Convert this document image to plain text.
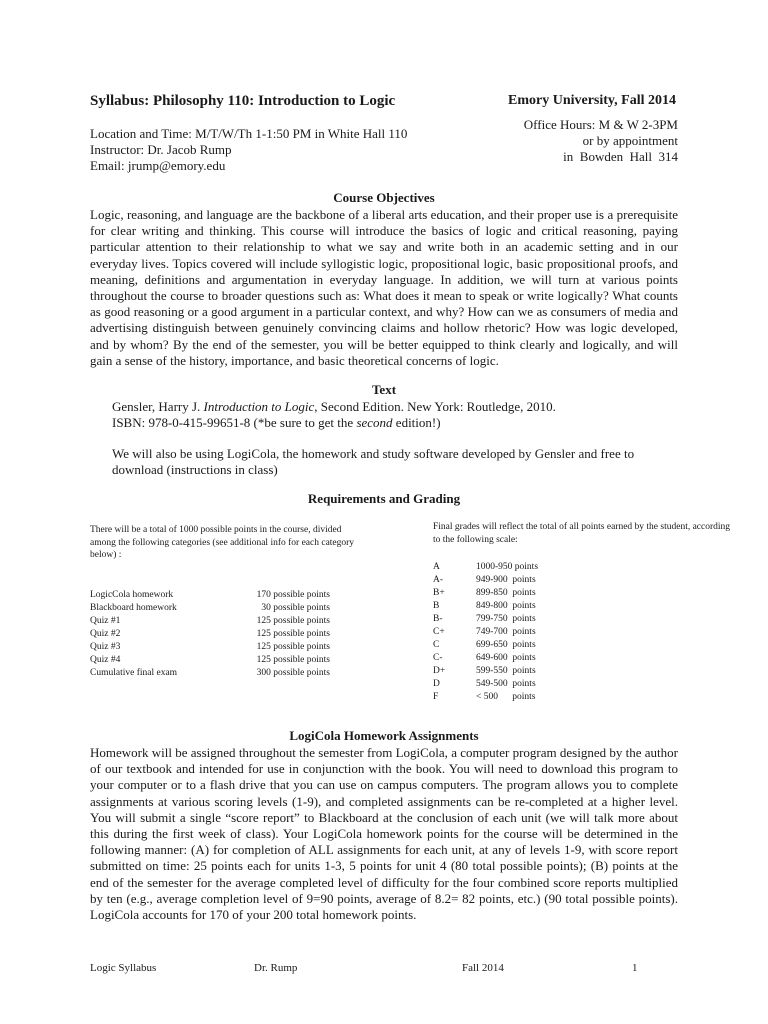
Syllabus: Philosophy 110: Introduction to Logic	Emory University, Fall 2014
Office Hours: M & W 2-3PM
or by appointment
in  Bowden  Hall  314
Location and Time: M/T/W/Th 1-1:50 PM in White Hall 110
Instructor: Dr. Jacob Rump
Email: jrump@emory.edu
Course Objectives
Logic, reasoning, and language are the backbone of a liberal arts education, and their proper use is a prerequisite for clear writing and thinking. This course will introduce the basics of logic and critical reasoning, paying particular attention to their relationship to what we say and write both in an academic setting and in our everyday lives. Topics covered will include syllogistic logic, propositional logic, basic propositional proofs, and meaning, definitions and argumentation in everyday language. In addition, we will turn at various points throughout the course to broader questions such as: What does it mean to speak or write logically? What counts as good reasoning or a good argument in a particular context, and why? How can we as consumers of media and advertising distinguish between genuinely convincing claims and hollow rhetoric? How was logic developed, and by whom? By the end of the semester, you will be better equipped to think clearly and logically, and will gain a sense of the history, importance, and basic theoretical concerns of logic.
Text
Gensler, Harry J. Introduction to Logic, Second Edition. New York: Routledge, 2010.
ISBN: 978-0-415-99651-8 (*be sure to get the second edition!)
We will also be using LogiCola, the homework and study software developed by Gensler and free to download (instructions in class)
Requirements and Grading
There will be a total of 1000 possible points in the course, divided among the following categories (see additional info for each category below) :
LogicCola homework	170 possible points
Blackboard homework	30 possible points
Quiz #1	125 possible points
Quiz #2	125 possible points
Quiz #3	125 possible points
Quiz #4	125 possible points
Cumulative final exam	300 possible points
Final grades will reflect the total of all points earned by the student, according to the following scale:
A	1000-950 points
A-	949-900  points
B+	899-850  points
B	849-800  points
B-	799-750  points
C+	749-700  points
C	699-650  points
C-	649-600  points
D+	599-550  points
D	549-500  points
F	< 500      points
LogiCola Homework Assignments
Homework will be assigned throughout the semester from LogiCola, a computer program designed by the author of our textbook and intended for use in conjunction with the book. You will need to download this program to your computer or to a flash drive that you can use on campus computers. The program allows you to complete assignments at various scoring levels (1-9), and completed assignments can be re-completed at a higher level. You will submit a single “score report” to Blackboard at the conclusion of each unit (we will talk more about this during the first week of class). Your LogiCola homework points for the course will be determined in the following manner: (A) for completion of ALL assignments for each unit, at any of levels 1-9, with score report submitted on time: 25 points each for units 1-3, 5 points for unit 4 (80 total possible points); (B) points at the end of the semester for the average completed level of difficulty for the four combined score reports multiplied by ten (e.g., average completion level of 9=90 points, average of 8.2= 82 points, etc.) (90 total possible points). LogiCola accounts for 170 of your 200 total homework points.
Logic Syllabus	Dr. Rump	Fall 2014	1
